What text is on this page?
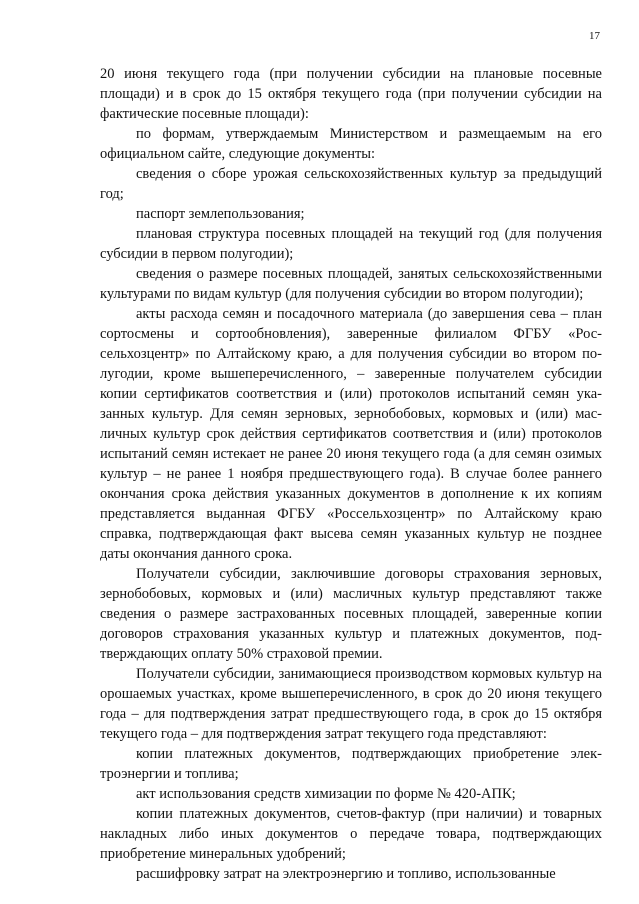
17

20 июня текущего года (при получении субсидии на плановые посевные площади) и в срок до 15 октября текущего года (при получении субсидии на фактические посевные площади):

по формам, утверждаемым Министерством и размещаемым на его официальном сайте, следующие документы:

сведения о сборе урожая сельскохозяйственных культур за предыдущий год;

паспорт землепользования;

плановая структура посевных площадей на текущий год (для получения субсидии в первом полугодии);

сведения о размере посевных площадей, занятых сельскохозяйственными культурами по видам культур (для получения субсидии во втором полугодии);

акты расхода семян и посадочного материала (до завершения сева – план сортосмены и сортообновления), заверенные филиалом ФГБУ «Россельхозцентр» по Алтайскому краю, а для получения субсидии во втором полугодии, кроме вышеперечисленного, – заверенные получателем субсидии копии сертификатов соответствия и (или) протоколов испытаний семян указанных культур. Для семян зерновых, зернобобовых, кормовых и (или) масличных культур срок действия сертификатов соответствия и (или) протоколов испытаний семян истекает не ранее 20 июня текущего года (а для семян озимых культур – не ранее 1 ноября предшествующего года). В случае более раннего окончания срока действия указанных документов в дополнение к их копиям представляется выданная ФГБУ «Россельхозцентр» по Алтайскому краю справка, подтверждающая факт высева семян указанных культур не позднее даты окончания данного срока.

Получатели субсидии, заключившие договоры страхования зерновых, зернобобовых, кормовых и (или) масличных культур представляют также сведения о размере застрахованных посевных площадей, заверенные копии договоров страхования указанных культур и платежных документов, подтверждающих оплату 50% страховой премии.

Получатели субсидии, занимающиеся производством кормовых культур на орошаемых участках, кроме вышеперечисленного, в срок до 20 июня текущего года – для подтверждения затрат предшествующего года, в срок до 15 октября текущего года – для подтверждения затрат текущего года представляют:

копии платежных документов, подтверждающих приобретение электроэнергии и топлива;

акт использования средств химизации по форме № 420-АПК;

копии платежных документов, счетов-фактур (при наличии) и товарных накладных либо иных документов о передаче товара, подтверждающих приобретение минеральных удобрений;

расшифровку затрат на электроэнергию и топливо, использованные
